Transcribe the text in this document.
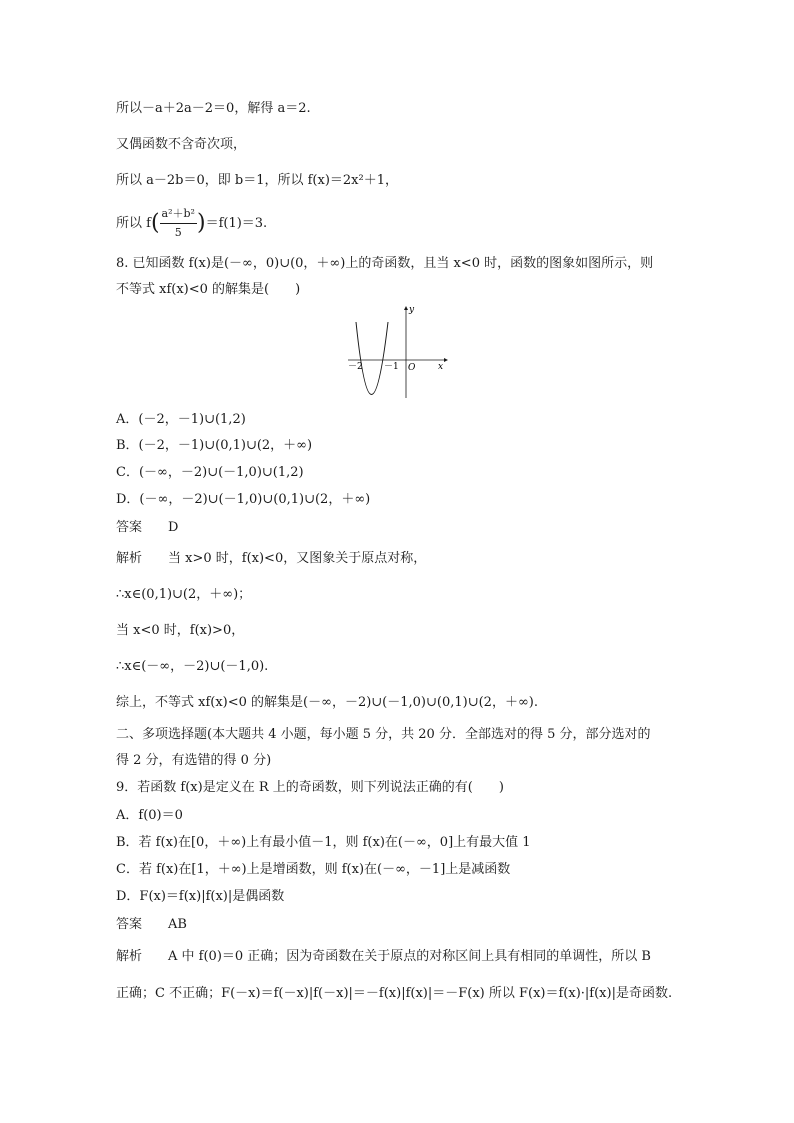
所以－a＋2a－2＝0，解得 a＝2.
又偶函数不含奇次项，
所以 a－2b＝0，即 b＝1，所以 f(x)＝2x²＋1，
所以 $f( \frac{\text{a²＋b²}}{5} )=f(1)=3$.
8. 已知函数 f(x)是(－∞，0)∪(0，＋∞)上的奇函数，且当 x<0 时，函数的图象如图所示，则
不等式 xf(x)<0 的解集是(　　)
－2 －1 O	x
y
A．(－2，－1)∪(1,2)
B．(－2，－1)∪(0,1)∪(2，＋∞)
C．(－∞，－2)∪(－1,0)∪(1,2)
D．(－∞，－2)∪(－1,0)∪(0,1)∪(2，＋∞)
答案 D
解析 当 x>0 时，f(x)<0，又图象关于原点对称，
∴x∈(0,1)∪(2，＋∞)；
当 x<0 时，f(x)>0，
∴x∈(－∞，－2)∪(－1,0).
综上，不等式 xf(x)<0 的解集是(－∞，－2)∪(－1,0)∪(0,1)∪(2，＋∞).
二、多项选择题(本大题共 4 小题，每小题 5 分，共 20 分．全部选对的得 5 分，部分选对的
得 2 分，有选错的得 0 分)
9．若函数 f(x)是定义在 R 上的奇函数，则下列说法正确的有(　　)
A．f(0)＝0
B．若 f(x)在[0，＋∞)上有最小值－1，则 f(x)在(－∞，0]上有最大值 1
C．若 f(x)在[1，＋∞)上是增函数，则 f(x)在(－∞，－1]上是减函数
D．F(x)＝f(x)|f(x)|是偶函数
答案 AB
解析 A 中 f(0)＝0 正确；因为奇函数在关于原点的对称区间上具有相同的单调性，所以 B
正确；C 不正确；F(－x)＝f(－x)|f(－x)|＝－f(x)|f(x)|＝－F(x) 所以 F(x)＝f(x)·|f(x)|是奇函数.
